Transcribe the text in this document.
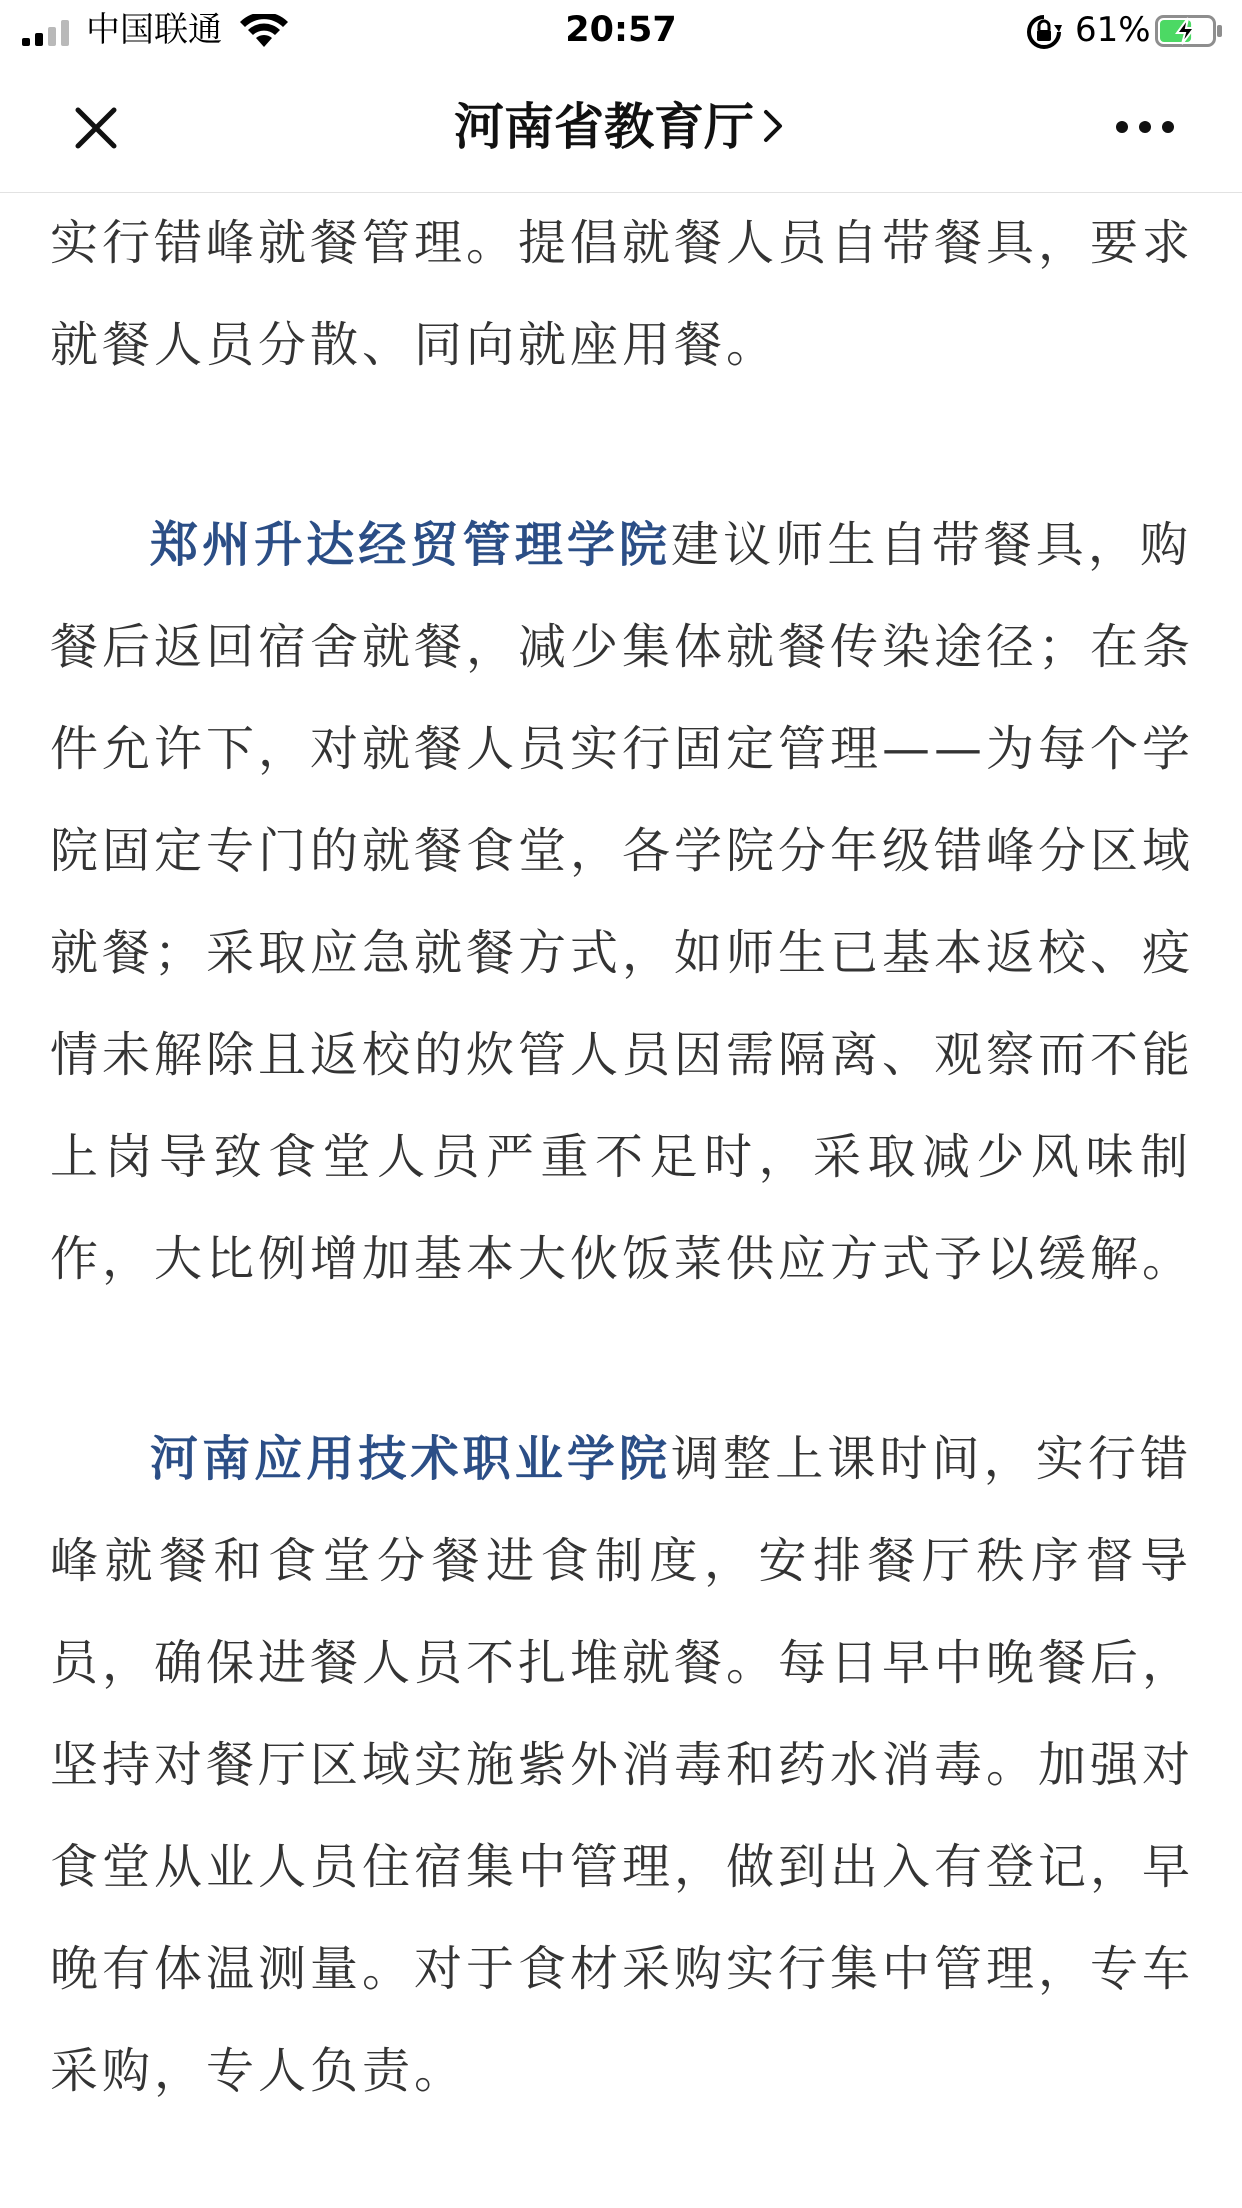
中国联通	20:57	61%
河南省教育厅
实行错峰就餐管理。提倡就餐人员自带餐具，要求
就餐人员分散、同向就座用餐。
郑州升达经贸管理学院建议师生自带餐具，购
餐后返回宿舍就餐，减少集体就餐传染途径；在条
件允许下，对就餐人员实行固定管理——为每个学
院固定专门的就餐食堂，各学院分年级错峰分区域
就餐；采取应急就餐方式，如师生已基本返校、疫
情未解除且返校的炊管人员因需隔离、观察而不能
上岗导致食堂人员严重不足时，采取减少风味制
作，大比例增加基本大伙饭菜供应方式予以缓解。
河南应用技术职业学院调整上课时间，实行错
峰就餐和食堂分餐进食制度，安排餐厅秩序督导
员，确保进餐人员不扎堆就餐。每日早中晚餐后，
坚持对餐厅区域实施紫外消毒和药水消毒。加强对
食堂从业人员住宿集中管理，做到出入有登记，早
晚有体温测量。对于食材采购实行集中管理，专车
采购，专人负责。
